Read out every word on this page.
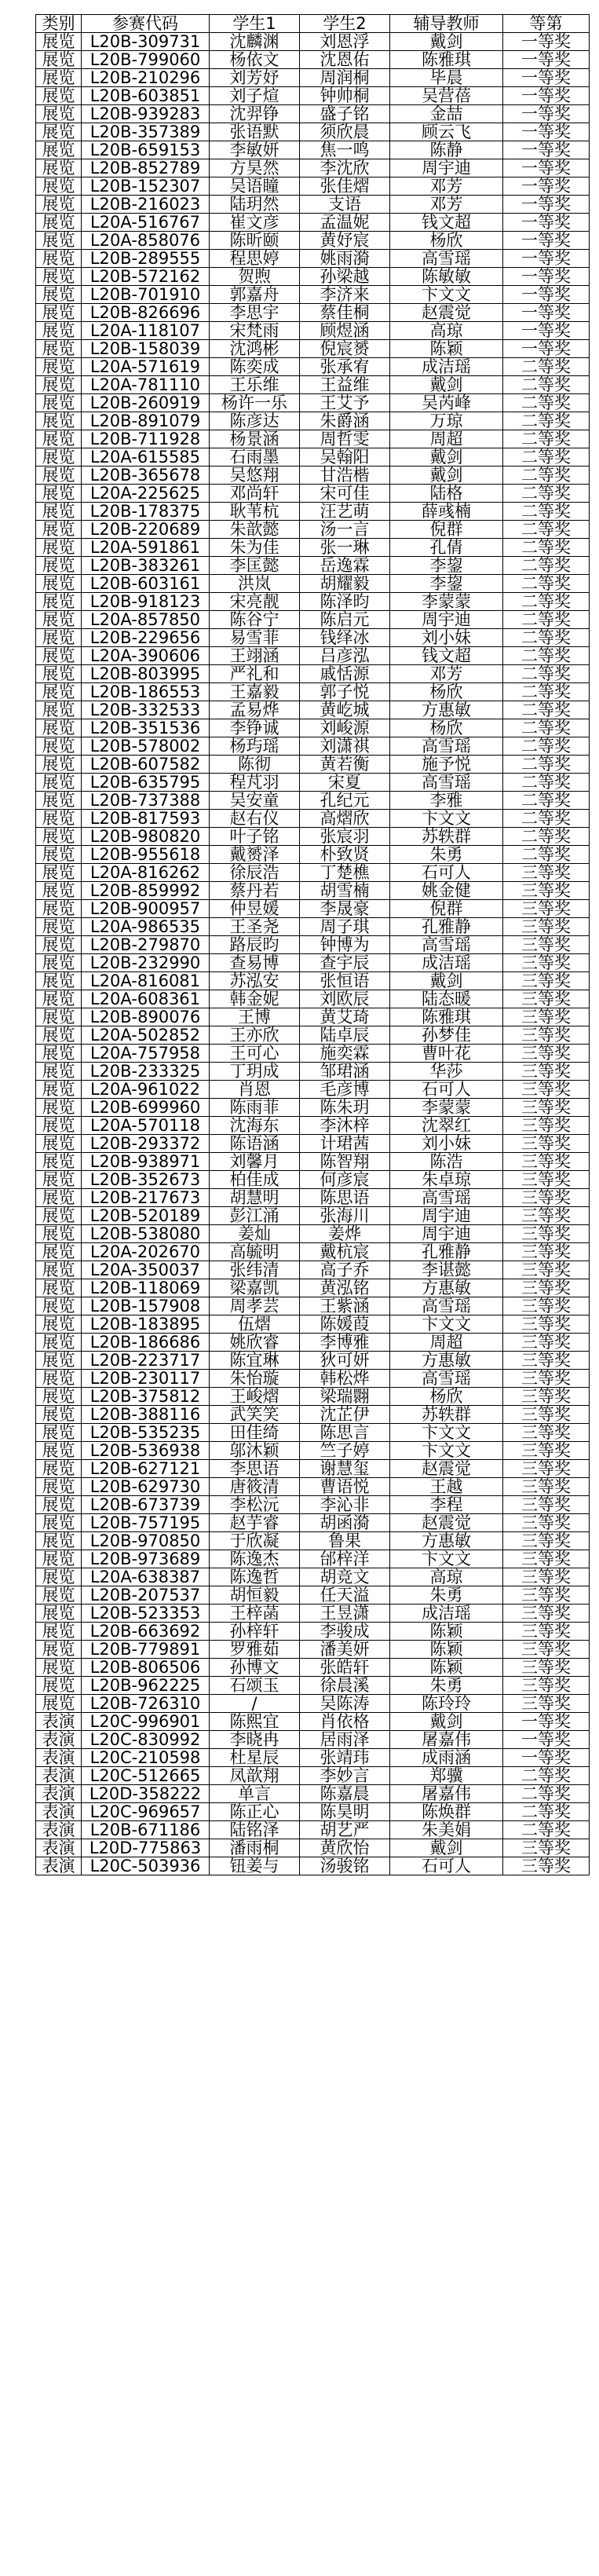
类别	参赛代码	学生1	学生2	辅导教师	等第
展览	L20B-309731	沈麟渊	刘恩浮	戴剑	一等奖
展览	L20B-799060	杨依文	沈恩佑	陈雅琪	一等奖
展览	L20B-210296	刘芳妤	周润桐	毕晨	一等奖
展览	L20B-603851	刘子煊	钟帅桐	吴营蓓	一等奖
展览	L20B-939283	沈羿铮	盛子铭	金喆	一等奖
展览	L20B-357389	张语默	须欣晨	顾云飞	一等奖
展览	L20B-659153	李敏妍	焦一鸣	陈静	一等奖
展览	L20B-852789	方昊然	李沈欣	周宇迪	一等奖
展览	L20B-152307	吴语瞳	张佳熠	邓芳	一等奖
展览	L20B-216023	陆玥然	支语	邓芳	一等奖
展览	L20A-516767	崔文彦	孟温妮	钱文超	一等奖
展览	L20A-858076	陈昕颐	黄妤宸	杨欣	一等奖
展览	L20B-289555	程思婷	姚雨漪	高雪瑶	一等奖
展览	L20B-572162	贺煦	孙梁越	陈敏敏	一等奖
展览	L20B-701910	郭嘉舟	李济来	卞文文	一等奖
展览	L20B-826696	李思宇	蔡佳桐	赵震觉	一等奖
展览	L20A-118107	宋梵雨	顾煜涵	高琼	一等奖
展览	L20B-158039	沈鸿彬	倪宸赟	陈颖	一等奖
展览	L20A-571619	陈奕成	张承宥	成洁瑶	二等奖
展览	L20A-781110	王乐维	王益维	戴剑	二等奖
展览	L20B-260919	杨许一乐	王艾予	吴芮峰	二等奖
展览	L20B-891079	陈彦达	朱爵涵	万琼	二等奖
展览	L20B-711928	杨景涵	周哲雯	周超	二等奖
展览	L20A-615585	石雨墨	吴翰阳	戴剑	二等奖
展览	L20B-365678	吴悠翔	甘浩楷	戴剑	二等奖
展览	L20A-225625	邓尚轩	宋可佳	陆格	二等奖
展览	L20B-178375	耿苇杭	汪艺萌	薛彧楠	二等奖
展览	L20B-220689	朱歆懿	汤一言	倪群	二等奖
展览	L20A-591861	朱为佳	张一琳	孔倩	二等奖
展览	L20B-383261	李匡懿	岳逸霖	李鋆	二等奖
展览	L20B-603161	洪岚	胡耀毅	李鋆	二等奖
展览	L20B-918123	宋亮靓	陈泽昀	李蒙蒙	二等奖
展览	L20A-857850	陈谷宁	陈启元	周宇迪	二等奖
展览	L20B-229656	易雪菲	钱绎冰	刘小妹	二等奖
展览	L20A-390606	王翊涵	吕彦泓	钱文超	二等奖
展览	L20B-803995	严礼和	戚恬源	邓芳	二等奖
展览	L20B-186553	王嘉毅	郭子悦	杨欣	二等奖
展览	L20B-332533	孟易烨	黄屹城	方惠敏	二等奖
展览	L20B-351536	李铮诚	刘峻源	杨欣	二等奖
展览	L20B-578002	杨玙瑶	刘潇祺	高雪瑶	二等奖
展览	L20B-607582	陈彻	黄若衡	施予悦	二等奖
展览	L20B-635795	程芃羽	宋夏	高雪瑶	二等奖
展览	L20B-737388	吴安童	孔纪元	李雅	二等奖
展览	L20B-817593	赵右仪	高熠欣	卞文文	二等奖
展览	L20B-980820	叶子铭	张宸羽	苏轶群	二等奖
展览	L20B-955618	戴赟泽	朴致贤	朱勇	二等奖
展览	L20A-816262	徐辰浩	丁楚樵	石可人	三等奖
展览	L20B-859992	蔡丹若	胡雪楠	姚金健	三等奖
展览	L20B-900957	仲昱媛	李晟豪	倪群	三等奖
展览	L20A-986535	王圣尧	周子琪	孔雅静	三等奖
展览	L20B-279870	路辰昀	钟博为	高雪瑶	三等奖
展览	L20B-232990	查易博	查宇辰	成洁瑶	三等奖
展览	L20A-816081	苏泓安	张恒语	戴剑	三等奖
展览	L20A-608361	韩金妮	刘欧辰	陆态暖	三等奖
展览	L20B-890076	王博	黄艾琦	陈雅琪	三等奖
展览	L20A-502852	王亦欣	陆卓辰	孙梦佳	三等奖
展览	L20A-757958	王可心	施奕霖	曹叶花	三等奖
展览	L20B-233325	丁玥成	邹珺涵	华莎	三等奖
展览	L20A-961022	肖恩	毛彦博	石可人	三等奖
展览	L20B-699960	陈雨菲	陈朱玥	李蒙蒙	三等奖
展览	L20A-570118	沈海东	李沐梓	沈翠红	三等奖
展览	L20B-293372	陈语涵	计珺茜	刘小妹	三等奖
展览	L20B-938971	刘馨月	陈智翔	陈浩	三等奖
展览	L20B-352673	柏佳成	何彦宸	朱卓琼	三等奖
展览	L20B-217673	胡慧明	陈思语	高雪瑶	三等奖
展览	L20B-520189	彭江涌	张海川	周宇迪	三等奖
展览	L20B-538080	姜灿	姜烨	周宇迪	三等奖
展览	L20A-202670	高毓明	戴杭宸	孔雅静	三等奖
展览	L20A-350037	张纬清	高子乔	李谌懿	三等奖
展览	L20B-118069	梁嘉凯	黄泓铭	方惠敏	三等奖
展览	L20B-157908	周孝芸	王紫涵	高雪瑶	三等奖
展览	L20B-183895	伍熠	陈媛葭	卞文文	三等奖
展览	L20B-186686	姚欣睿	李博雅	周超	三等奖
展览	L20B-223717	陈宜琳	狄可妍	方惠敏	三等奖
展览	L20B-230117	朱怡璇	韩松烨	高雪瑶	三等奖
展览	L20B-375812	王峻熠	梁瑞翾	杨欣	三等奖
展览	L20B-388116	武笑笑	沈芷伊	苏轶群	三等奖
展览	L20B-535235	田佳绮	陈思言	卞文文	三等奖
展览	L20B-536938	邬沐颖	竺子婷	卞文文	三等奖
展览	L20B-627121	李思语	谢慧玺	赵震觉	三等奖
展览	L20B-629730	唐筱清	曹语悦	王越	三等奖
展览	L20B-673739	李松沅	李沁非	李程	三等奖
展览	L20B-757195	赵芋睿	胡函漪	赵震觉	三等奖
展览	L20B-970850	于欣凝	鲁果	方惠敏	三等奖
展览	L20B-973689	陈逸杰	邰梓洋	卞文文	三等奖
展览	L20A-638387	陈逸哲	胡竞文	高琼	三等奖
展览	L20B-207537	胡恒毅	任天溢	朱勇	三等奖
展览	L20B-523353	王梓菡	王昱潇	成洁瑶	三等奖
展览	L20B-663692	孙梓轩	李骏成	陈颖	三等奖
展览	L20B-779891	罗雅茹	潘美妍	陈颖	三等奖
展览	L20B-806506	孙博文	张皓轩	陈颖	三等奖
展览	L20B-962225	石颂玉	徐晨溪	朱勇	三等奖
展览	L20B-726310	/	吴陈涛	陈玲玲	三等奖
表演	L20C-996901	陈熙宜	肖依格	戴剑	一等奖
表演	L20C-830992	李晓冉	居雨泽	屠嘉伟	一等奖
表演	L20C-210598	杜星辰	张靖玮	成雨涵	一等奖
表演	L20C-512665	凤歆翔	李妙言	郑骥	二等奖
表演	L20D-358222	单言	陈嘉晨	屠嘉伟	二等奖
表演	L20C-969657	陈正心	陈昊明	陈焕群	二等奖
表演	L20B-671186	陆铭泽	胡艺严	朱美娟	二等奖
表演	L20D-775863	潘雨桐	黄欣怡	戴剑	三等奖
表演	L20C-503936	钮姜与	汤骏铭	石可人	三等奖
